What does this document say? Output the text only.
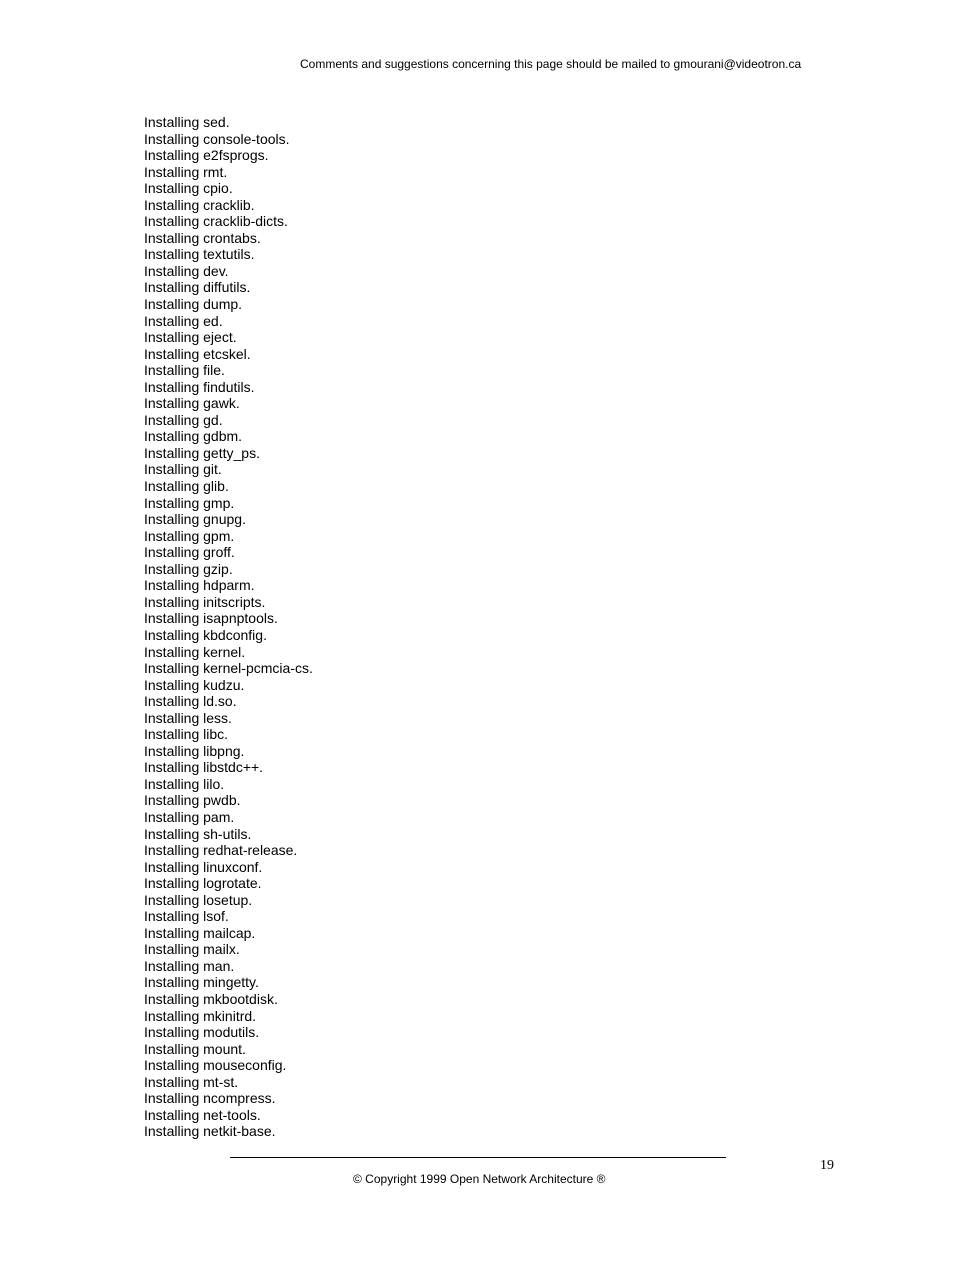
Comments and suggestions concerning this page should be mailed to gmourani@videotron.ca
Installing sed.
Installing console-tools.
Installing e2fsprogs.
Installing rmt.
Installing cpio.
Installing cracklib.
Installing cracklib-dicts.
Installing crontabs.
Installing textutils.
Installing dev.
Installing diffutils.
Installing dump.
Installing ed.
Installing eject.
Installing etcskel.
Installing file.
Installing findutils.
Installing gawk.
Installing gd.
Installing gdbm.
Installing getty_ps.
Installing git.
Installing glib.
Installing gmp.
Installing gnupg.
Installing gpm.
Installing groff.
Installing gzip.
Installing hdparm.
Installing initscripts.
Installing isapnptools.
Installing kbdconfig.
Installing kernel.
Installing kernel-pcmcia-cs.
Installing kudzu.
Installing ld.so.
Installing less.
Installing libc.
Installing libpng.
Installing libstdc++.
Installing lilo.
Installing pwdb.
Installing pam.
Installing sh-utils.
Installing redhat-release.
Installing linuxconf.
Installing logrotate.
Installing losetup.
Installing lsof.
Installing mailcap.
Installing mailx.
Installing man.
Installing mingetty.
Installing mkbootdisk.
Installing mkinitrd.
Installing modutils.
Installing mount.
Installing mouseconfig.
Installing mt-st.
Installing ncompress.
Installing net-tools.
Installing netkit-base.
19
© Copyright 1999 Open Network Architecture ®
